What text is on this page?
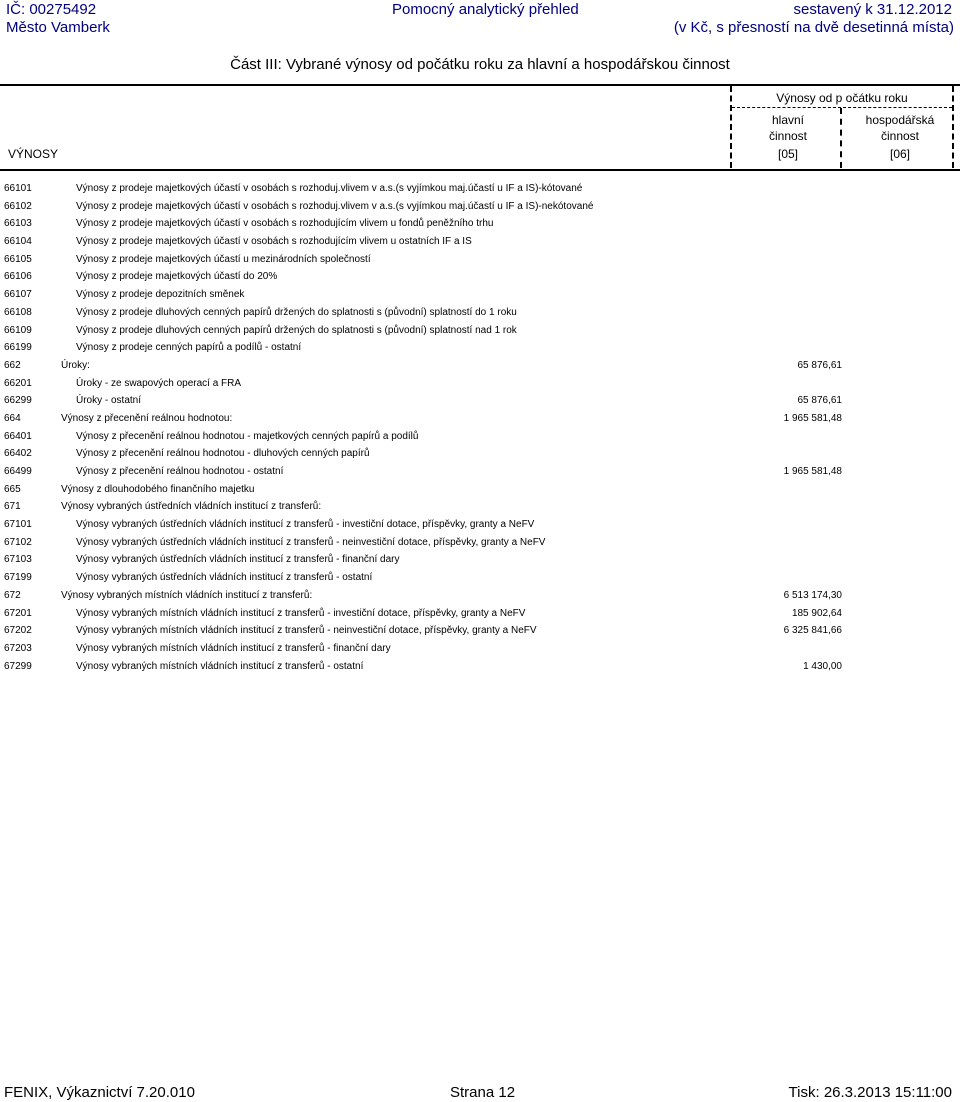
IČ: 00275492
Město Vamberk
Pomocný analytický přehled	sestavený k 31.12.2012
(v Kč, s přesností na dvě desetinná místa)
Část III: Vybrané výnosy od počátku roku za hlavní a hospodářskou činnost
Výnosy od p očátku roku
hlavní
činnost
[05]
hospodářská
činnost
[06]
VÝNOSY
66101	Výnosy z prodeje majetkových účastí v osobách s rozhoduj.vlivem v a.s.(s vyjímkou maj.účastí u IF a IS)-kótované
66102	Výnosy z prodeje majetkových účastí v osobách s rozhoduj.vlivem v a.s.(s vyjímkou maj.účastí u IF a IS)-nekótované
66103	Výnosy z prodeje majetkových účastí v osobách s rozhodujícím vlivem u fondů peněžního trhu
66104	Výnosy z prodeje majetkových účastí v osobách s rozhodujícím vlivem u ostatních IF a IS
66105	Výnosy z prodeje majetkových účastí u mezinárodních společností
66106	Výnosy z prodeje majetkových účastí do 20%
66107	Výnosy z prodeje depozitních směnek
66108	Výnosy z prodeje dluhových cenných papírů držených do splatnosti s (původní) splatností do 1 roku
66109	Výnosy z prodeje dluhových cenných papírů držených do splatnosti s (původní) splatností nad 1 rok
66199	Výnosy z prodeje cenných papírů a podílů - ostatní
662	Úroky:	65 876,61
66201	Úroky - ze swapových operací a FRA
66299	Úroky - ostatní	65 876,61
664	Výnosy z přecenění reálnou hodnotou:	1 965 581,48
66401	Výnosy z přecenění reálnou hodnotou - majetkových cenných papírů a podílů
66402	Výnosy z přecenění reálnou hodnotou - dluhových cenných papírů
66499	Výnosy z přecenění reálnou hodnotou - ostatní	1 965 581,48
665	Výnosy z dlouhodobého finančního majetku
671	Výnosy vybraných ústředních vládních institucí z transferů:
67101	Výnosy vybraných ústředních vládních institucí z transferů - investiční dotace, příspěvky, granty a NeFV
67102	Výnosy vybraných ústředních vládních institucí z transferů - neinvestiční dotace, příspěvky, granty a NeFV
67103	Výnosy vybraných ústředních vládních institucí z transferů - finanční dary
67199	Výnosy vybraných ústředních vládních institucí z transferů - ostatní
672	Výnosy vybraných místních vládních institucí z transferů:	6 513 174,30
67201	Výnosy vybraných místních vládních institucí z transferů - investiční dotace, příspěvky, granty a NeFV	185 902,64
67202	Výnosy vybraných místních vládních institucí z transferů - neinvestiční dotace, příspěvky, granty a NeFV	6 325 841,66
67203	Výnosy vybraných místních vládních institucí z transferů - finanční dary
67299	Výnosy vybraných místních vládních institucí z transferů - ostatní	1 430,00
FENIX, Výkaznictví 7.20.010	Strana 12	Tisk: 26.3.2013 15:11:00
